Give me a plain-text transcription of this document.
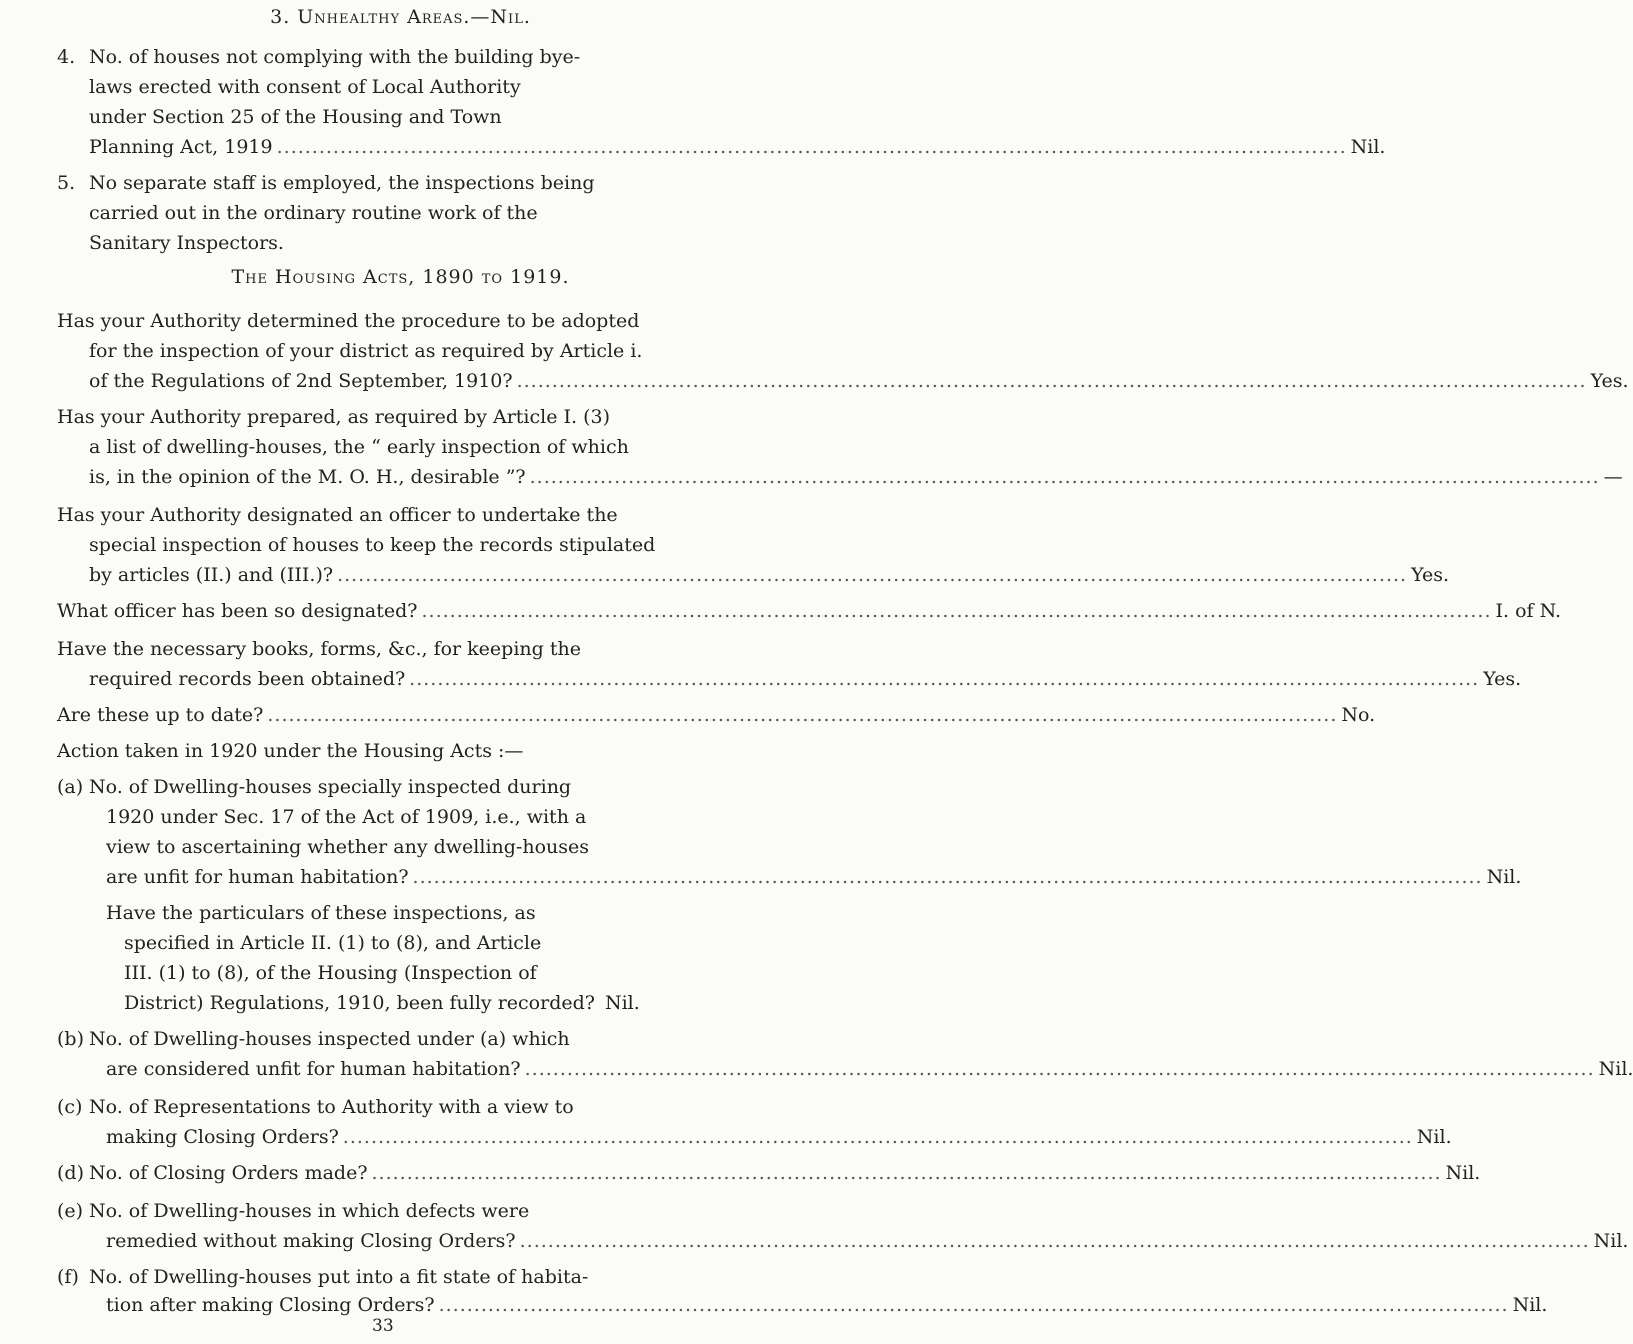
3. Unhealthy Areas.—Nil.
4. No. of houses not complying with the building bye-
laws erected with consent of Local Authority
under Section 25 of the Housing and Town
Planning Act, 1919 .....	Nil.
5. No separate staff is employed, the inspections being
carried out in the ordinary routine work of the
Sanitary Inspectors.
The Housing Acts, 1890 to 1919.
Has your Authority determined the procedure to be adopted
for the inspection of your district as required by Article i.
of the Regulations of 2nd September, 1910? .....	Yes.
Has your Authority prepared, as required by Article I. (3)
a list of dwelling-houses, the “ early inspection of which
is, in the opinion of the M. O. H., desirable ”? .....	—
Has your Authority designated an officer to undertake the
special inspection of houses to keep the records stipulated
by articles (II.) and (III.)? .....	Yes.
What officer has been so designated? .....	I. of N.
Have the necessary books, forms, &c., for keeping the
required records been obtained? .....	Yes.
Are these up to date? .....	No.
Action taken in 1920 under the Housing Acts :—
(a) No. of Dwelling-houses specially inspected during
1920 under Sec. 17 of the Act of 1909, i.e., with a
view to ascertaining whether any dwelling-houses
are unfit for human habitation? .....	Nil.
Have the particulars of these inspections, as
specified in Article II. (1) to (8), and Article
III. (1) to (8), of the Housing (Inspection of
District) Regulations, 1910, been fully recorded? Nil.
(b) No. of Dwelling-houses inspected under (a) which
are considered unfit for human habitation? .....	Nil.
(c) No. of Representations to Authority with a view to
making Closing Orders? .....	Nil.
(d) No. of Closing Orders made? .....	Nil.
(e) No. of Dwelling-houses in which defects were
remedied without making Closing Orders? .....	Nil.
(f) No. of Dwelling-houses put into a fit state of habita-
tion after making Closing Orders? .....	Nil.
33
